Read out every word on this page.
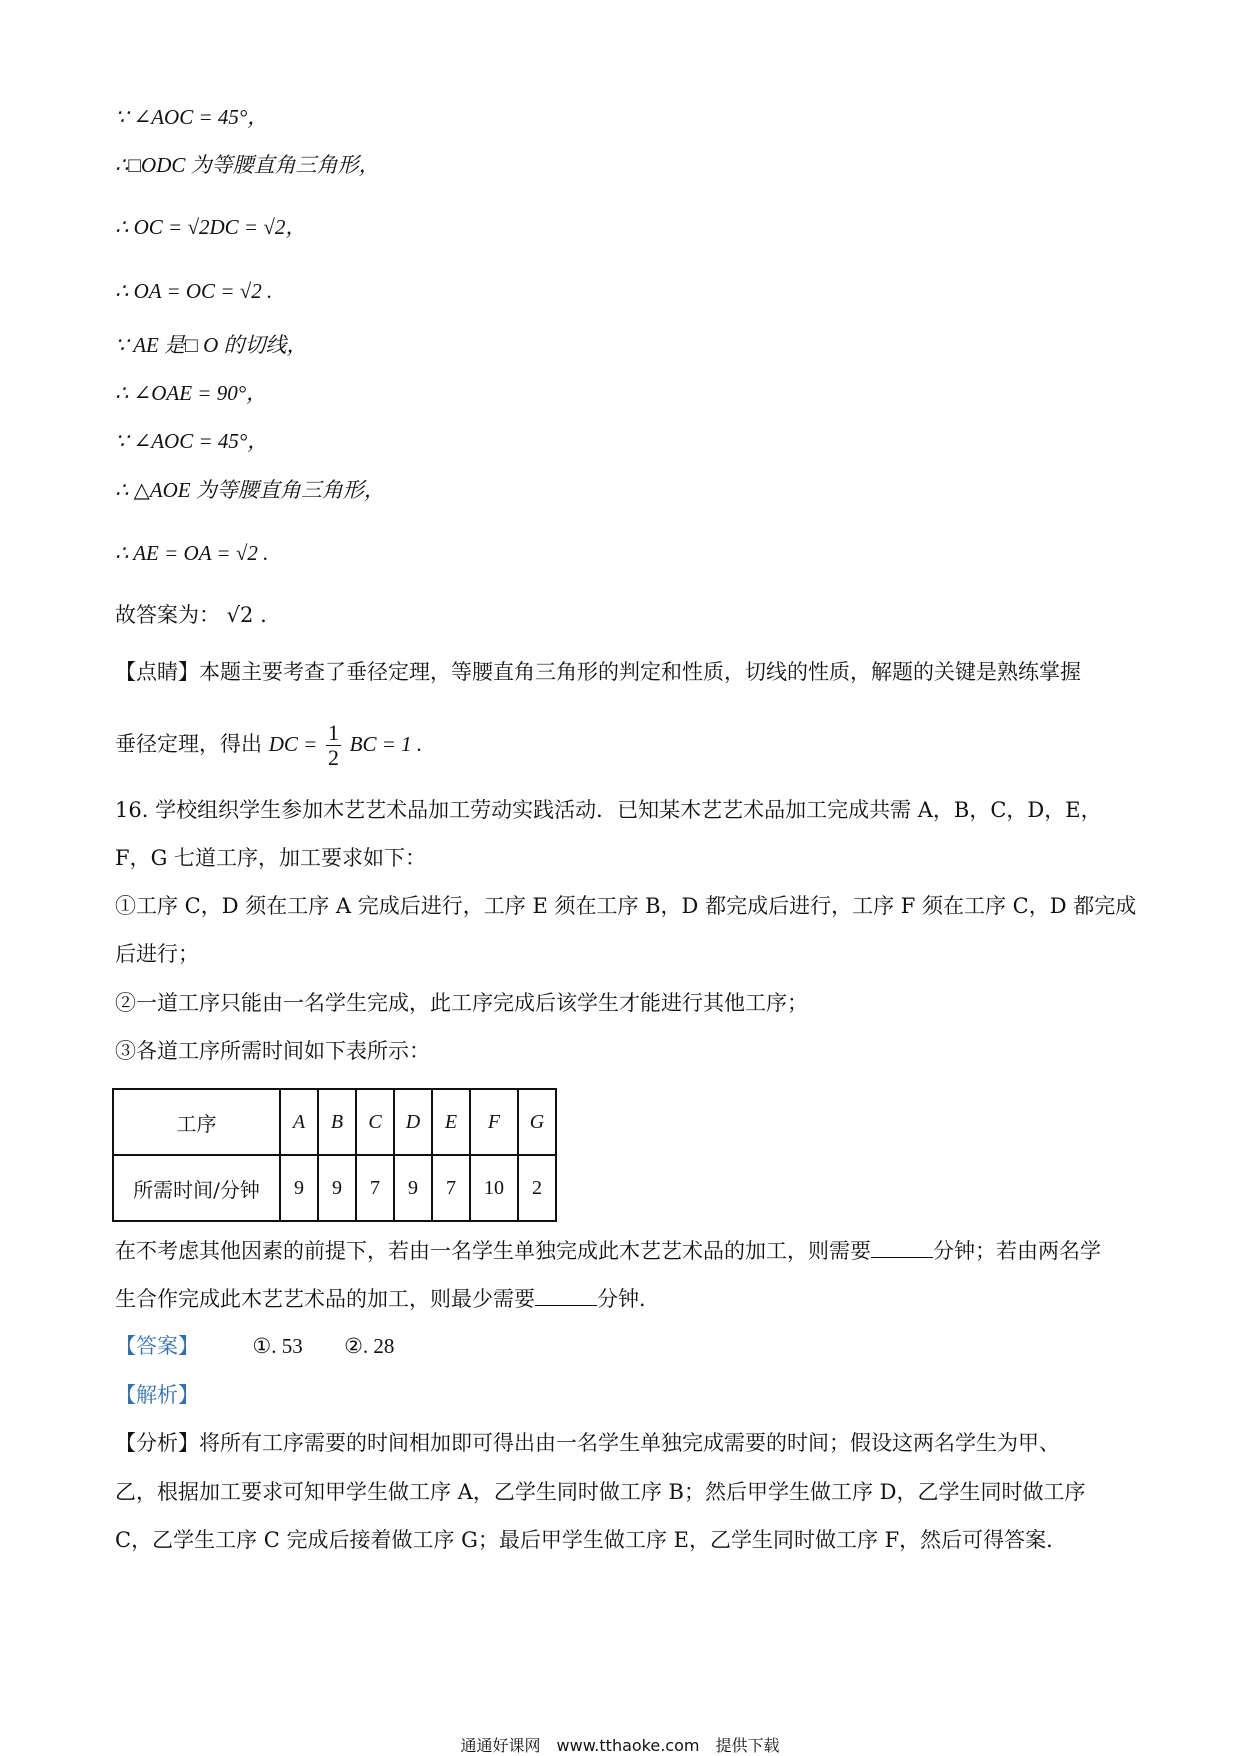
∵ ∠AOC = 45°，
∴□ODC 为等腰直角三角形，
∴ OC = √2DC = √2，
∴ OA = OC = √2 .
∵ AE 是□ O 的切线，
∴ ∠OAE = 90°，
∵ ∠AOC = 45°，
∴ △AOE 为等腰直角三角形，
∴ AE = OA = √2 .
故答案为： √2 .
【点睛】本题主要考查了垂径定理，等腰直角三角形的判定和性质，切线的性质，解题的关键是熟练掌握
垂径定理，得出 DC = $\frac{1}{2}$ BC = 1 .
16. 学校组织学生参加木艺艺术品加工劳动实践活动．已知某木艺艺术品加工完成共需 A，B，C，D，E，
F，G 七道工序，加工要求如下：
①工序 C，D 须在工序 A 完成后进行，工序 E 须在工序 B，D 都完成后进行，工序 F 须在工序 C，D 都完成
后进行；
②一道工序只能由一名学生完成，此工序完成后该学生才能进行其他工序；
③各道工序所需时间如下表所示：
工序	A	B	C	D	E	F	G
所需时间/分钟	9	9	7	9	7	10	2
在不考虑其他因素的前提下，若由一名学生单独完成此木艺艺术品的加工，则需要	分钟；若由两名学
生合作完成此木艺艺术品的加工，则最少需要	分钟．
【答案】	①. 53 ②. 28
【解析】
【分析】将所有工序需要的时间相加即可得出由一名学生单独完成需要的时间；假设这两名学生为甲、
乙，根据加工要求可知甲学生做工序 A，乙学生同时做工序 B；然后甲学生做工序 D，乙学生同时做工序
C，乙学生工序 C 完成后接着做工序 G；最后甲学生做工序 E，乙学生同时做工序 F，然后可得答案．
通通好课网　www.tthaoke.com　提供下载
